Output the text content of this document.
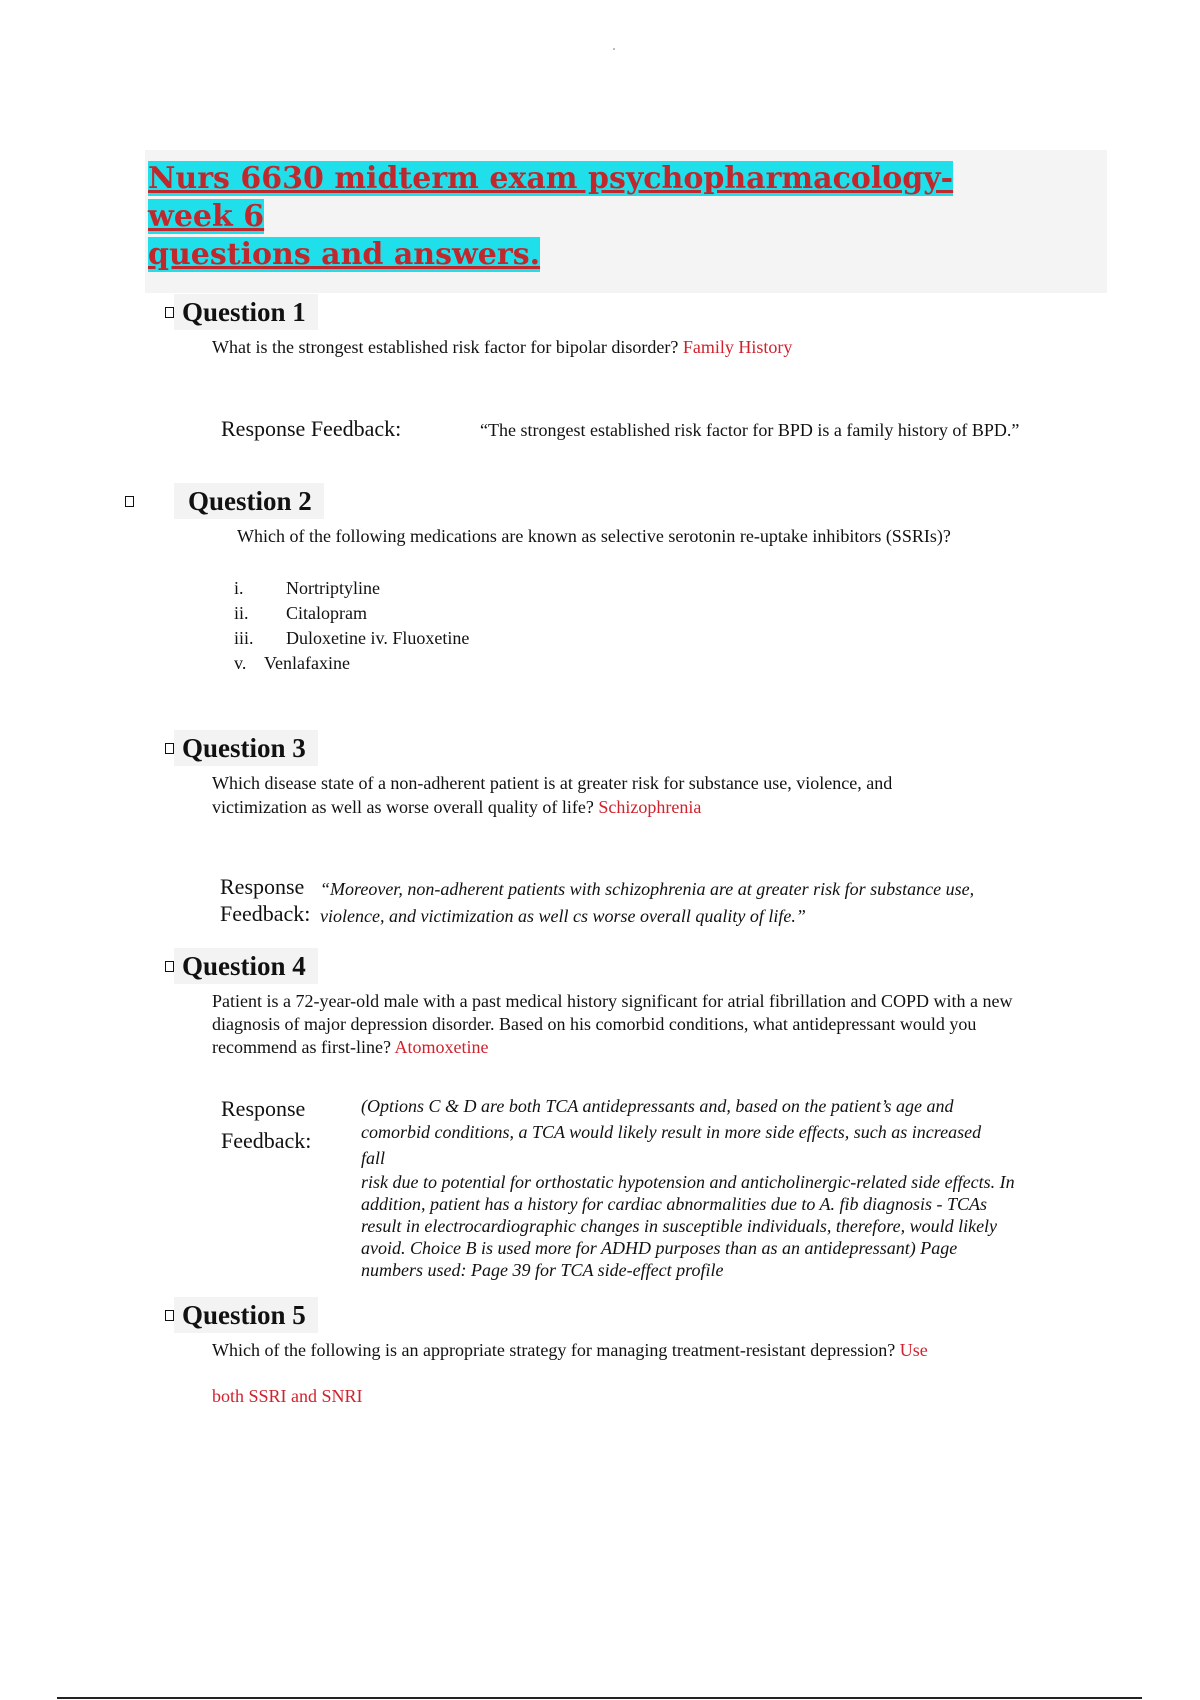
Nurs 6630 midterm exam psychopharmacology- week 6
questions and answers.
Question 1

What is the strongest established risk factor for bipolar disorder? Family History

Response Feedback:	“The strongest established risk factor for BPD is a family history of BPD.”
Question 2

Which of the following medications are known as selective serotonin re-uptake inhibitors (SSRIs)?

i.	Nortriptyline
ii.	Citalopram
iii.	Duloxetine iv. Fluoxetine
v. Venlafaxine
Question 3

Which disease state of a non-adherent patient is at greater risk for substance use, violence, and
victimization as well as worse overall quality of life? Schizophrenia

Response
Feedback:
“Moreover, non-adherent patients with schizophrenia are at greater risk for substance use,
violence, and victimization as well cs worse overall quality of life.”
Question 4

Patient is a 72-year-old male with a past medical history significant for atrial fibrillation and COPD with a new
diagnosis of major depression disorder. Based on his comorbid conditions, what antidepressant would you
recommend as first-line? Atomoxetine

Response
Feedback:
(Options C & D are both TCA antidepressants and, based on the patient’s age and
comorbid conditions, a TCA would likely result in more side effects, such as increased
fall
risk due to potential for orthostatic hypotension and anticholinergic-related side effects. In
addition, patient has a history for cardiac abnormalities due to A. fib diagnosis - TCAs
result in electrocardiographic changes in susceptible individuals, therefore, would likely
avoid. Choice B is used more for ADHD purposes than as an antidepressant) Page
numbers used: Page 39 for TCA side-effect profile
Question 5

Which of the following is an appropriate strategy for managing treatment-resistant depression? Use

both SSRI and SNRI
